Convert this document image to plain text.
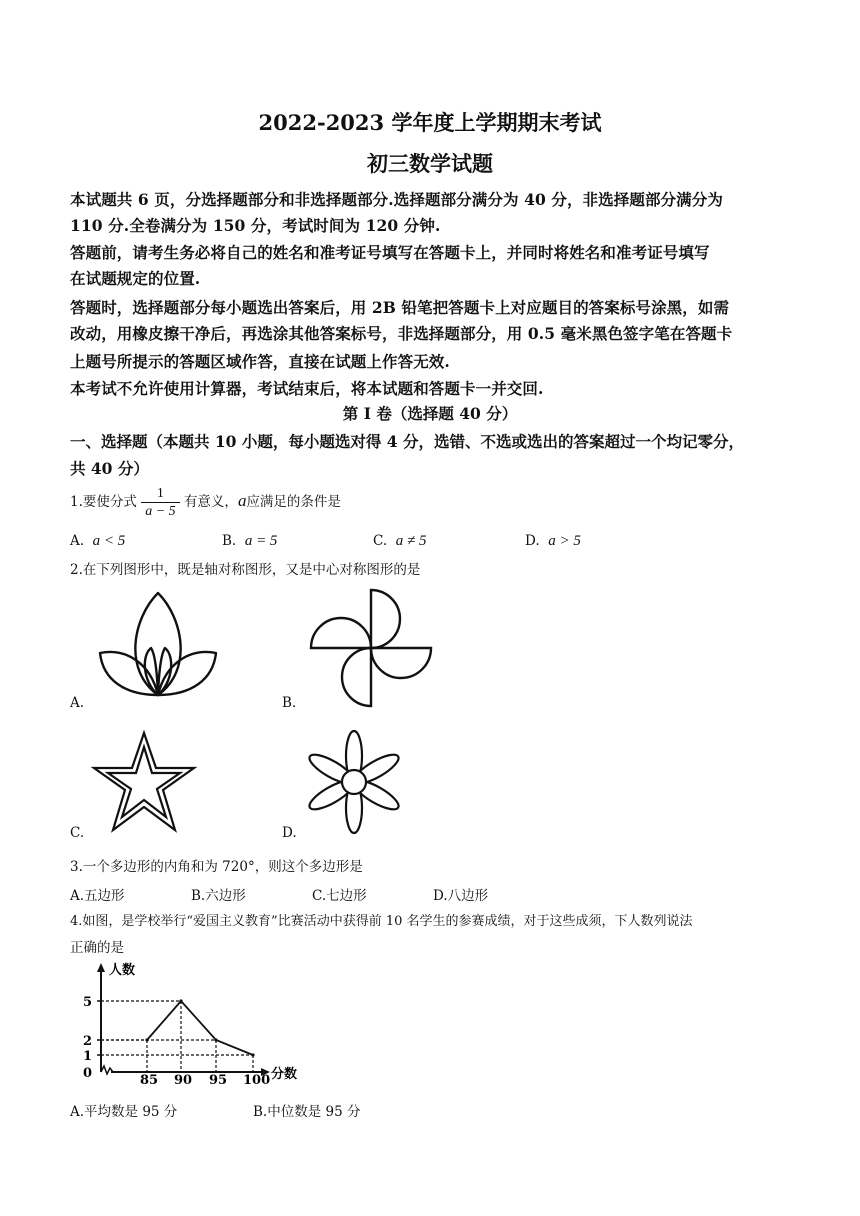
2022-2023 学年度上学期期末考试
初三数学试题
本试题共 6 页，分选择题部分和非选择题部分.选择题部分满分为 40 分，非选择题部分满分为
110 分.全卷满分为 150 分，考试时间为 120 分钟.
答题前，请考生务必将自己的姓名和准考证号填写在答题卡上，并同时将姓名和准考证号填写
在试题规定的位置.
答题时，选择题部分每小题选出答案后，用 2B 铅笔把答题卡上对应题目的答案标号涂黑，如需
改动，用橡皮擦干净后，再选涂其他答案标号，非选择题部分，用 0.5 毫米黑色签字笔在答题卡
上题号所提示的答题区域作答，直接在试题上作答无效.
本考试不允许使用计算器，考试结束后，将本试题和答题卡一并交回.
第 I 卷（选择题 40 分）
一、选择题（本题共 10 小题，每小题选对得 4 分，选错、不选或选出的答案超过一个均记零分，
共 40 分）
1.要使分式 $\frac{1}{a - 5}$ 有意义，a应满足的条件是
A. a < 5	B. a = 5	C. a ≠ 5	D. a > 5
2.在下列图形中，既是轴对称图形，又是中心对称图形的是
A.	B.
C.	D.
3.一个多边形的内角和为 720°，则这个多边形是
A.五边形	B.六边形	C.七边形	D.八边形
4.如图，是学校举行“爱国主义教育”比赛活动中获得前 10 名学生的参赛成绩，对于这些成须，下人数列说法
正确的是
人数
分数
0
1
2
5
85 90 95 100
A.平均数是 95 分	B.中位数是 95 分
